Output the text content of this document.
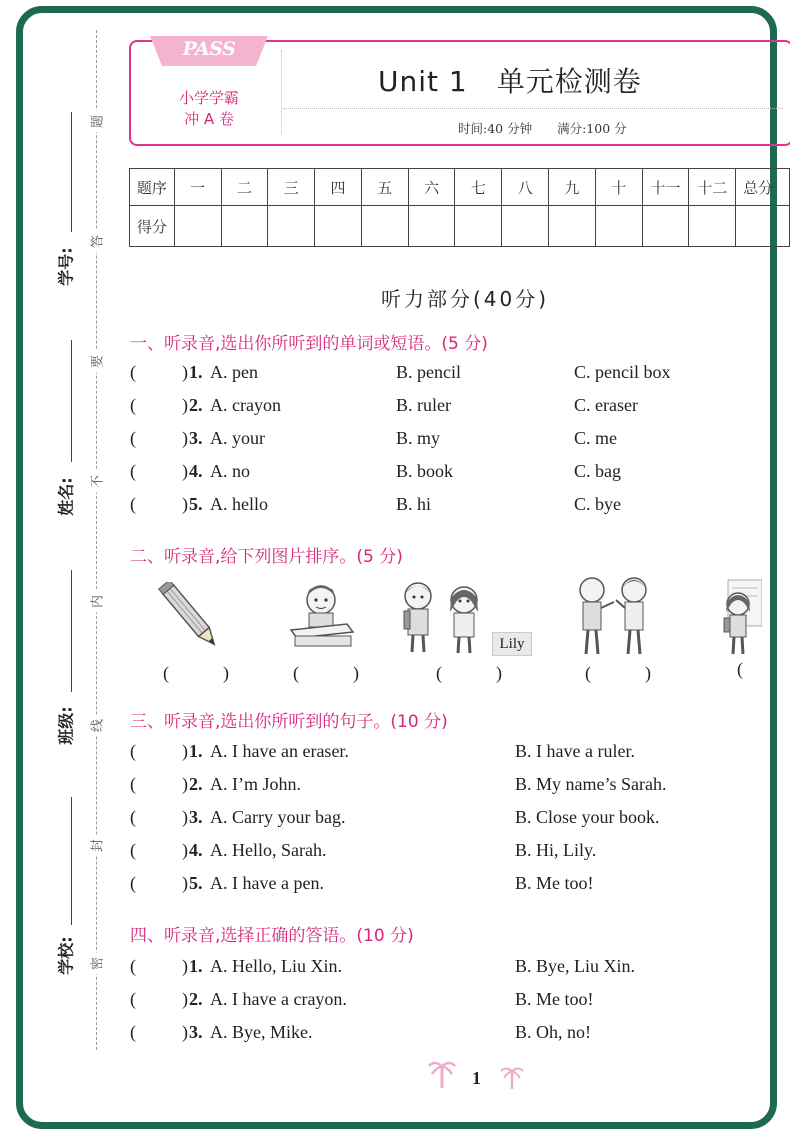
题
答
要
不
内
线
封
密
学号:
姓名:
班级:
学校:
PASS
小学学霸
冲 A 卷
Unit 1　单元检测卷
时间:40 分钟　　满分:100 分
题序	一	二	三	四	五	六	七	八	九	十	十一	十二	总分
得分													
听力部分(40分)
一、听录音,选出你所听到的单词或短语。(5 分)
(	) 1. A. pen	B. pencil	C. pencil box
(	) 2. A. crayon	B. ruler	C. eraser
(	) 3. A. your	B. my	C. me
(	) 4. A. no	B. book	C. bag
(	) 5. A. hello	B. hi	C. bye
二、听录音,给下列图片排序。(5 分)
Lily
(　　　)	(　　　)	(　　　)	(　　　)	(
三、听录音,选出你所听到的句子。(10 分)
(	) 1. A. I have an eraser.	B. I have a ruler.
(	) 2. A. I’m John.	B. My name’s Sarah.
(	) 3. A. Carry your bag.	B. Close your book.
(	) 4. A. Hello, Sarah.	B. Hi, Lily.
(	) 5. A. I have a pen.	B. Me too!
四、听录音,选择正确的答语。(10 分)
(	) 1. A. Hello, Liu Xin.	B. Bye, Liu Xin.
(	) 2. A. I have a crayon.	B. Me too!
(	) 3. A. Bye, Mike.	B. Oh, no!
1
